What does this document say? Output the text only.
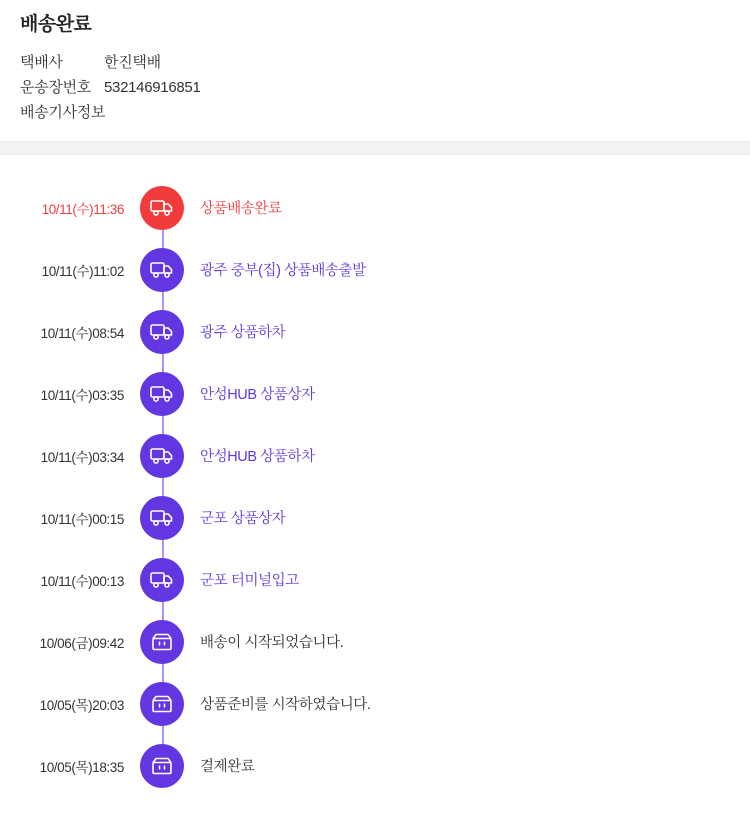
배송완료
택배사	한진택배
운송장번호 532146916851
배송기사정보
10/11(수)11:36	상품배송완료
10/11(수)11:02	광주 중부(집) 상품배송출발
10/11(수)08:54	광주 상품하차
10/11(수)03:35	안성HUB 상품상자
10/11(수)03:34	안성HUB 상품하차
10/11(수)00:15	군포 상품상자
10/11(수)00:13	군포 터미널입고
10/06(금)09:42	배송이 시작되었습니다.
10/05(목)20:03	상품준비를 시작하였습니다.
10/05(목)18:35	결제완료
